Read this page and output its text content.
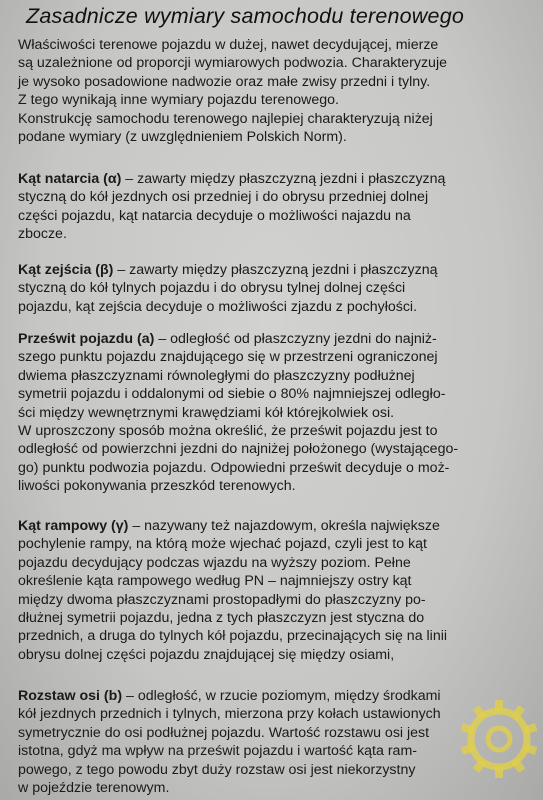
Zasadnicze wymiary samochodu terenowego

Właściwości terenowe pojazdu w dużej, nawet decydującej, mierze
są uzależnione od proporcji wymiarowych podwozia. Charakteryzuje
je wysoko posadowione nadwozie oraz małe zwisy przedni i tylny.
Z tego wynikają inne wymiary pojazdu terenowego.
Konstrukcję samochodu terenowego najlepiej charakteryzują niżej
podane wymiary (z uwzględnieniem Polskich Norm).

Kąt natarcia (α) – zawarty między płaszczyzną jezdni i płaszczyzną
styczną do kół jezdnych osi przedniej i do obrysu przedniej dolnej
części pojazdu, kąt natarcia decyduje o możliwości najazdu na
zbocze.

Kąt zejścia (β) – zawarty między płaszczyzną jezdni i płaszczyzną
styczną do kół tylnych pojazdu i do obrysu tylnej dolnej części
pojazdu, kąt zejścia decyduje o możliwości zjazdu z pochyłości.

Prześwit pojazdu (a) – odległość od płaszczyzny jezdni do najniż-
szego punktu pojazdu znajdującego się w przestrzeni ograniczonej
dwiema płaszczyznami równoległymi do płaszczyzny podłużnej
symetrii pojazdu i oddalonymi od siebie o 80% najmniejszej odległo-
ści między wewnętrznymi krawędziami kół którejkolwiek osi.
W uproszczony sposób można określić, że prześwit pojazdu jest to
odległość od powierzchni jezdni do najniżej położonego (wystającego-
go) punktu podwozia pojazdu. Odpowiedni prześwit decyduje o moż-
liwości pokonywania przeszkód terenowych.

Kąt rampowy (γ) – nazywany też najazdowym, określa największe
pochylenie rampy, na którą może wjechać pojazd, czyli jest to kąt
pojazdu decydujący podczas wjazdu na wyższy poziom. Pełne
określenie kąta rampowego według PN – najmniejszy ostry kąt
między dwoma płaszczyznami prostopadłymi do płaszczyzny po-
dłużnej symetrii pojazdu, jedna z tych płaszczyzn jest styczna do
przednich, a druga do tylnych kół pojazdu, przecinających się na linii
obrysu dolnej części pojazdu znajdującej się między osiami,

Rozstaw osi (b) – odległość, w rzucie poziomym, między środkami
kół jezdnych przednich i tylnych, mierzona przy kołach ustawionych
symetrycznie do osi podłużnej pojazdu. Wartość rozstawu osi jest
istotna, gdyż ma wpływ na prześwit pojazdu i wartość kąta ram-
powego, z tego powodu zbyt duży rozstaw osi jest niekorzystny
w pojeździe terenowym.
